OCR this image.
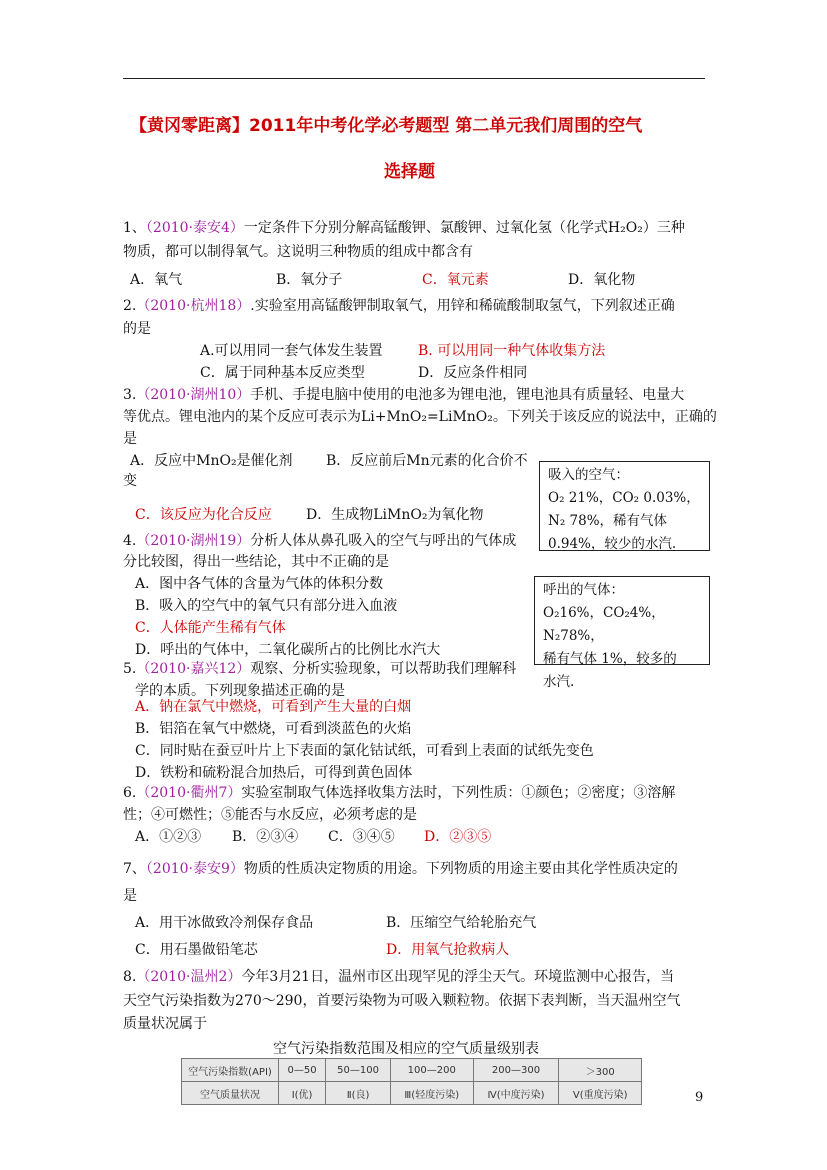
【黄冈零距离】2011年中考化学必考题型 第二单元我们周围的空气
选择题
1、（2010·泰安4）一定条件下分别分解高锰酸钾、氯酸钾、过氧化氢（化学式H₂O₂）三种
物质，都可以制得氧气。这说明三种物质的组成中都含有
A．氧气	B．氧分子	C．氧元素	D．氧化物
2.（2010·杭州18）.实验室用高锰酸钾制取氧气，用锌和稀硫酸制取氢气，下列叙述正确
的是
A.可以用同一套气体发生装置	B. 可以用同一种气体收集方法
C．属于同种基本反应类型	D．反应条件相同
3.（2010·湖州10）手机、手提电脑中使用的电池多为锂电池，锂电池具有质量轻、电量大
等优点。锂电池内的某个反应可表示为Li+MnO₂=LiMnO₂。下列关于该反应的说法中，正确的
是
A．反应中MnO₂是催化剂 B．反应前后Mn元素的化合价不
变
C．该反应为化合反应 D．生成物LiMnO₂为氧化物
吸入的空气：
O₂ 21%，CO₂ 0.03%，
N₂ 78%，稀有气体
0.94%，较少的水汽.
4.（2010·湖州19）分析人体从鼻孔吸入的空气与呼出的气体成
分比较图，得出一些结论，其中不正确的是
A．图中各气体的含量为气体的体积分数
B．吸入的空气中的氧气只有部分进入血液
C．人体能产生稀有气体
D．呼出的气体中，二氧化碳所占的比例比水汽大
呼出的气体：
O₂16%，CO₂4%，N₂78%，
稀有气体 1%，较多的
水汽.
5.（2010·嘉兴12）观察、分析实验现象，可以帮助我们理解科
学的本质。下列现象描述正确的是
A．钠在氯气中燃烧，可看到产生大量的白烟
B．铝箔在氧气中燃烧，可看到淡蓝色的火焰
C．同时贴在蚕豆叶片上下表面的氯化钴试纸，可看到上表面的试纸先变色
D．铁粉和硫粉混合加热后，可得到黄色固体
6.（2010·衢州7）实验室制取气体选择收集方法时，下列性质：①颜色；②密度；③溶解
性；④可燃性；⑤能否与水反应，必须考虑的是
A．①②③ B．②③④ C．③④⑤ D．②③⑤
7、（2010·泰安9）物质的性质决定物质的用途。下列物质的用途主要由其化学性质决定的
是
A．用干冰做致冷剂保存食品	B．压缩空气给轮胎充气
C．用石墨做铅笔芯	D．用氧气抢救病人
8.（2010·温州2）今年3月21日，温州市区出现罕见的浮尘天气。环境监测中心报告，当
天空气污染指数为270～290，首要污染物为可吸入颗粒物。依据下表判断，当天温州空气
质量状况属于
空气污染指数范围及相应的空气质量级别表
空气污染指数(API)	0—50	50—100	100—200	200—300	＞300
空气质量状况	Ⅰ(优)	Ⅱ(良)	Ⅲ(轻度污染)	Ⅳ(中度污染)	Ⅴ(重度污染)	9
